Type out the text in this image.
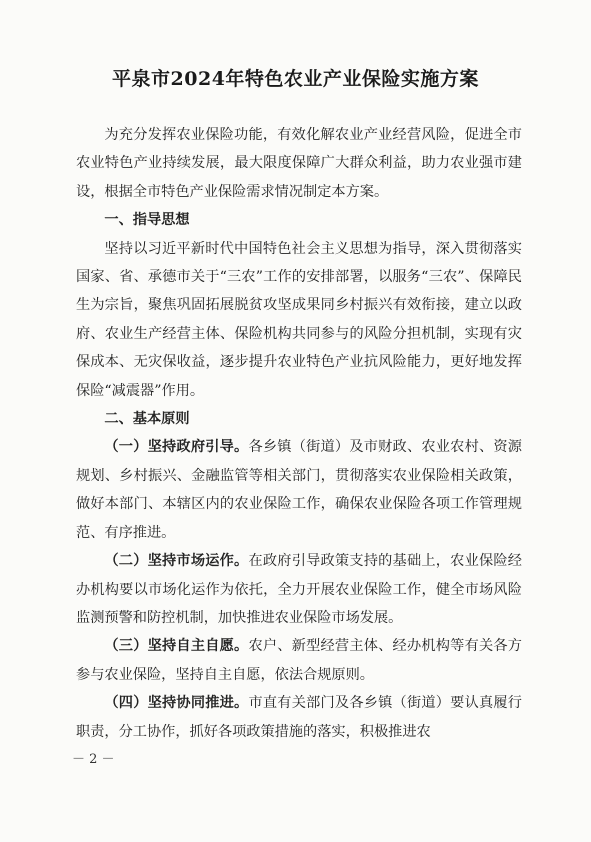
平泉市2024年特色农业产业保险实施方案

为充分发挥农业保险功能，有效化解农业产业经营风险，促进全市农业特色产业持续发展，最大限度保障广大群众利益，助力农业强市建设，根据全市特色产业保险需求情况制定本方案。

一、指导思想

坚持以习近平新时代中国特色社会主义思想为指导，深入贯彻落实国家、省、承德市关于“三农”工作的安排部署，以服务“三农”、保障民生为宗旨，聚焦巩固拓展脱贫攻坚成果同乡村振兴有效衔接，建立以政府、农业生产经营主体、保险机构共同参与的风险分担机制，实现有灾保成本、无灾保收益，逐步提升农业特色产业抗风险能力，更好地发挥保险“减震器”作用。

二、基本原则

（一）坚持政府引导。各乡镇（街道）及市财政、农业农村、资源规划、乡村振兴、金融监管等相关部门，贯彻落实农业保险相关政策，做好本部门、本辖区内的农业保险工作，确保农业保险各项工作管理规范、有序推进。

（二）坚持市场运作。在政府引导政策支持的基础上，农业保险经办机构要以市场化运作为依托，全力开展农业保险工作，健全市场风险监测预警和防控机制，加快推进农业保险市场发展。

（三）坚持自主自愿。农户、新型经营主体、经办机构等有关各方参与农业保险，坚持自主自愿，依法合规原则。

（四）坚持协同推进。市直有关部门及各乡镇（街道）要认真履行职责，分工协作，抓好各项政策措施的落实，积极推进农

－ 2 －
